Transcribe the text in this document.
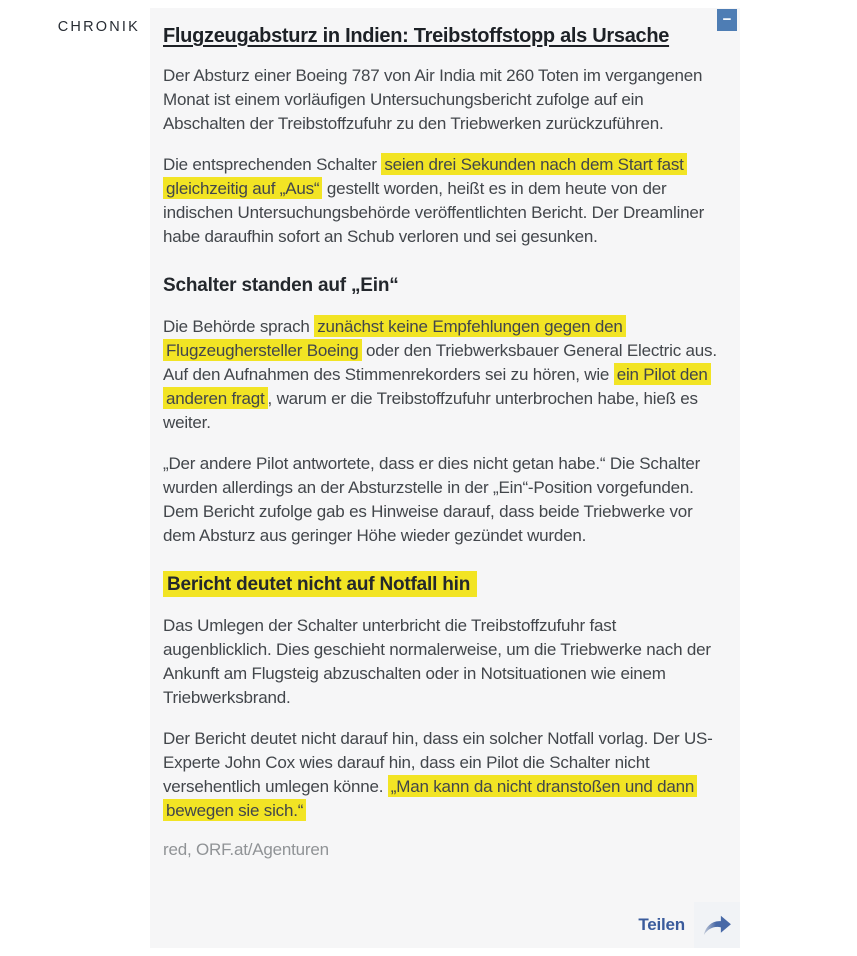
CHRONIK	−
Flugzeugabsturz in Indien: Treibstoffstopp als Ursache

Der Absturz einer Boeing 787 von Air India mit 260 Toten im vergangenen Monat ist einem vorläufigen Untersuchungsbericht zufolge auf ein Abschalten der Treibstoffzufuhr zu den Triebwerken zurückzuführen.

Die entsprechenden Schalter seien drei Sekunden nach dem Start fast gleichzeitig auf „Aus“ gestellt worden, heißt es in dem heute von der indischen Untersuchungsbehörde veröffentlichten Bericht. Der Dreamliner habe daraufhin sofort an Schub verloren und sei gesunken.

Schalter standen auf „Ein“

Die Behörde sprach zunächst keine Empfehlungen gegen den Flugzeughersteller Boeing oder den Triebwerksbauer General Electric aus. Auf den Aufnahmen des Stimmenrekorders sei zu hören, wie ein Pilot den anderen fragt , warum er die Treibstoffzufuhr unterbrochen habe, hieß es weiter.

„Der andere Pilot antwortete, dass er dies nicht getan habe.“ Die Schalter wurden allerdings an der Absturzstelle in der „Ein“-Position vorgefunden. Dem Bericht zufolge gab es Hinweise darauf, dass beide Triebwerke vor dem Absturz aus geringer Höhe wieder gezündet wurden.

Bericht deutet nicht auf Notfall hin

Das Umlegen der Schalter unterbricht die Treibstoffzufuhr fast augenblicklich. Dies geschieht normalerweise, um die Triebwerke nach der Ankunft am Flugsteig abzuschalten oder in Notsituationen wie einem Triebwerksbrand.

Der Bericht deutet nicht darauf hin, dass ein solcher Notfall vorlag. Der US-Experte John Cox wies darauf hin, dass ein Pilot die Schalter nicht versehentlich umlegen könne. „Man kann da nicht dranstoßen und dann bewegen sie sich.“

red, ORF.at/Agenturen
Teilen
